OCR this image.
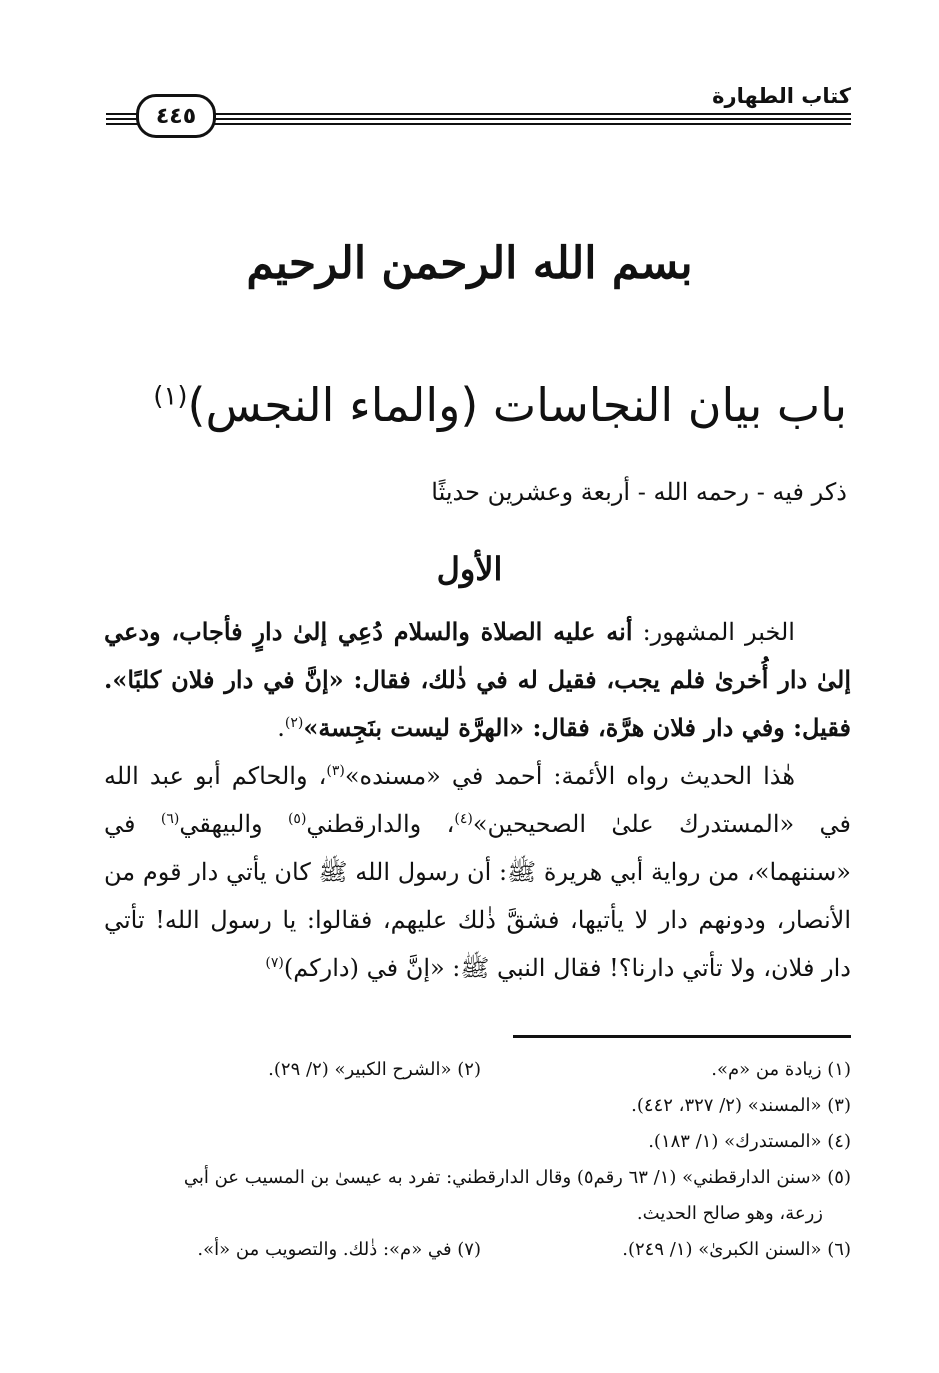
كتاب الطهارة
٤٤٥
بسم الله الرحمن الرحيم
باب بيان النجاسات (والماء النجس)$^{(١)}$
ذكر فيه - رحمه الله - أربعة وعشرين حديثًا
الأول

الخبر المشهور: أنه عليه الصلاة والسلام دُعِي إلىٰ دارٍ فأجاب، ودعي إلىٰ دار أُخرىٰ فلم يجب، فقيل له في ذٰلك، فقال: «إنَّ في دار فلان كلبًا». فقيل: وفي دار فلان هرَّة، فقال: «الهرَّة ليست بنَجِسة»$^{(٢)}$.

هٰذا الحديث رواه الأئمة: أحمد في «مسنده»$^{(٣)}$، والحاكم أبو عبد الله في «المستدرك علىٰ الصحيحين»$^{(٤)}$، والدارقطني$^{(٥)}$ والبيهقي$^{(٦)}$ في «سننهما»، من رواية أبي هريرة ﷺ: أن رسول الله ﷺ كان يأتي دار قوم من الأنصار، ودونهم دار لا يأتيها، فشقَّ ذٰلك عليهم، فقالوا: يا رسول الله! تأتي دار فلان، ولا تأتي دارنا؟! فقال النبي ﷺ: «إنَّ في (داركم)$^{(٧)}$

(١) زيادة من «م».
(٢) «الشرح الكبير» (٢/ ٢٩).
(٣) «المسند» (٢/ ٣٢٧، ٤٤٢).
(٤) «المستدرك» (١/ ١٨٣).
(٥) «سنن الدارقطني» (١/ ٦٣ رقم٥) وقال الدارقطني: تفرد به عيسىٰ بن المسيب عن أبي
زرعة، وهو صالح الحديث.
(٦) «السنن الكبرىٰ» (١/ ٢٤٩).
(٧) في «م»: ذٰلك. والتصويب من «أ».
